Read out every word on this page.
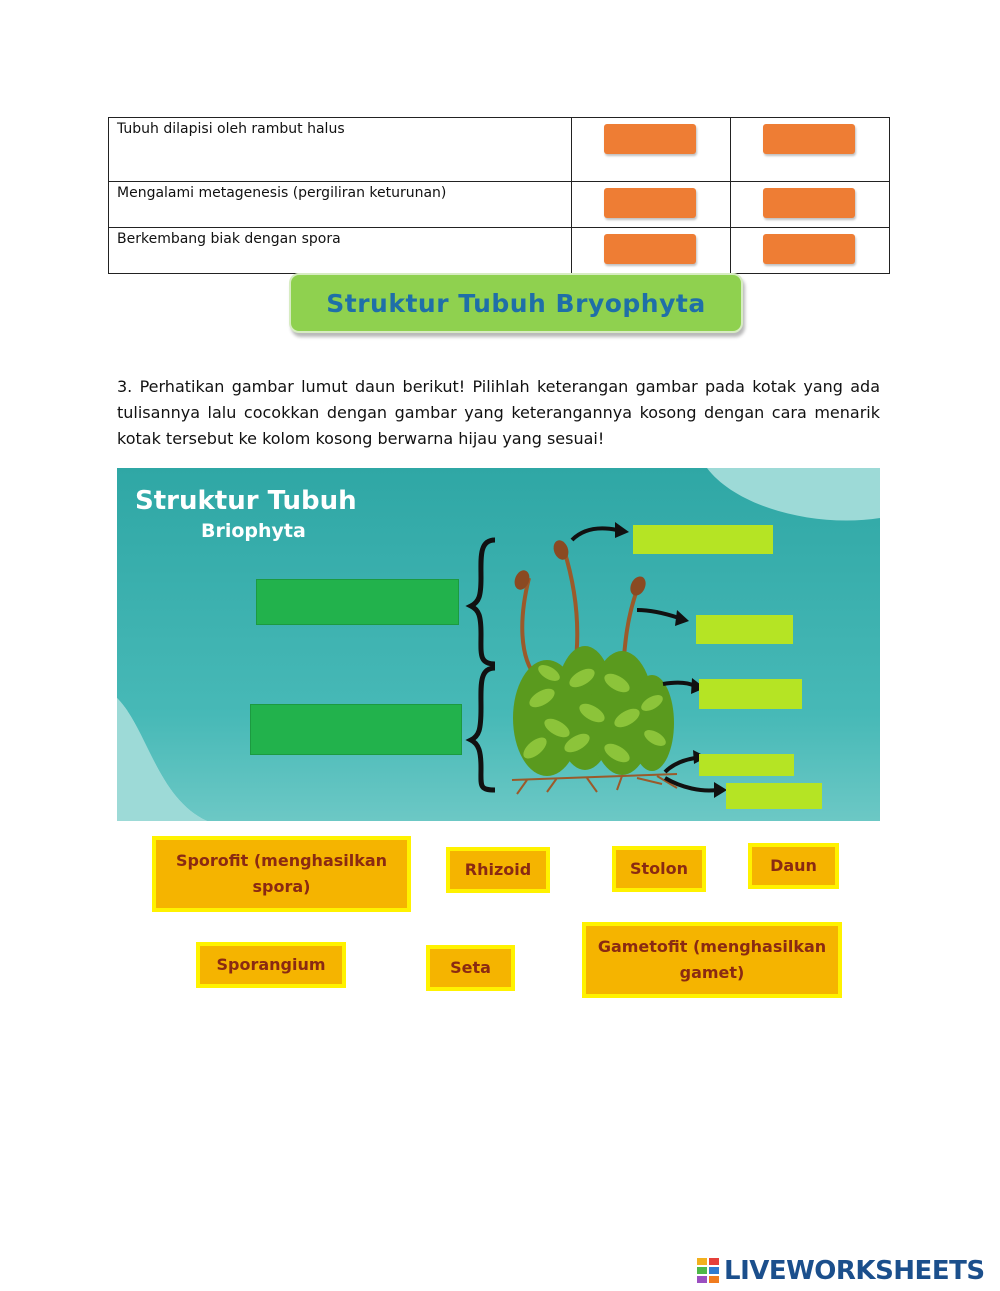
Tubuh dilapisi oleh rambut halus	

Mengalami metagenesis (pergiliran keturunan)	

Berkembang biak dengan spora	

Struktur Tubuh Bryophyta
3. Perhatikan gambar lumut daun berikut! Pilihlah keterangan gambar pada kotak yang ada tulisannya lalu cocokkan dengan gambar yang keterangannya kosong dengan cara menarik kotak tersebut ke kolom kosong berwarna hijau yang sesuai!
Struktur Tubuh
Briophyta
Sporofit (menghasilkan spora)
Rhizoid	Stolon	Daun
Sporangium	Seta
Gametofit (menghasilkan gamet)
LIVEWORKSHEETS
